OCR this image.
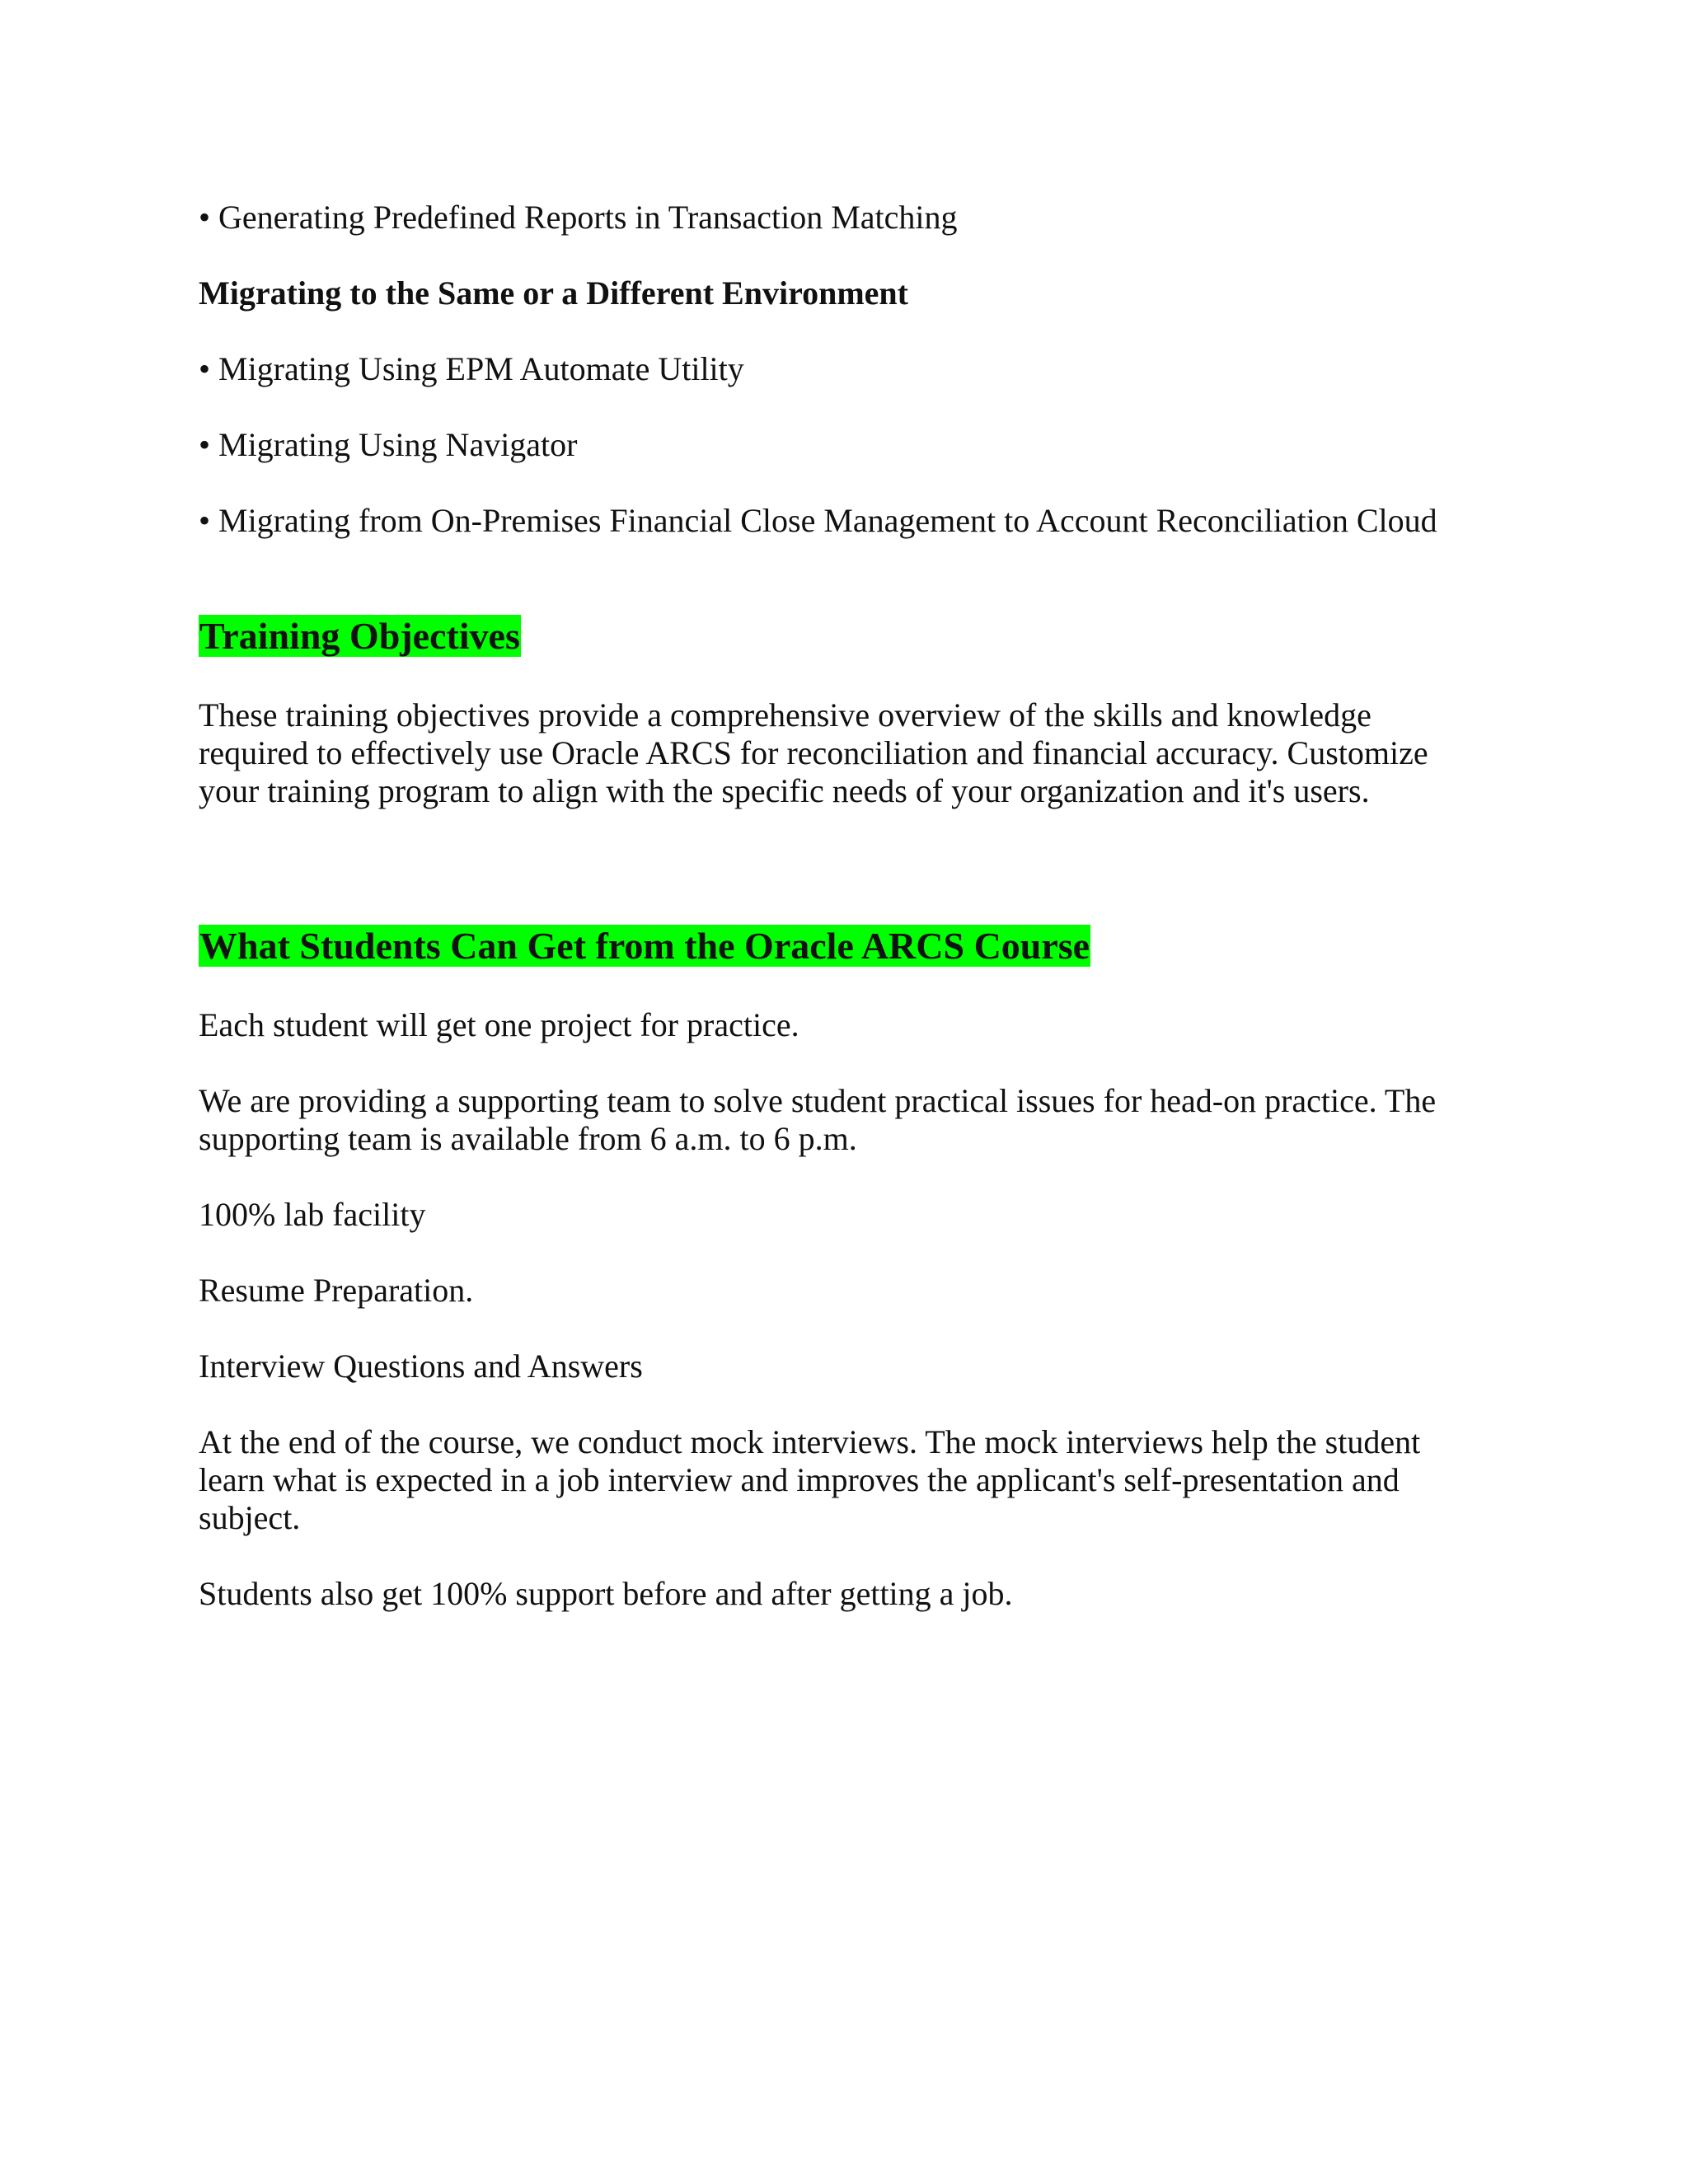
• Generating Predefined Reports in Transaction Matching

Migrating to the Same or a Different Environment

• Migrating Using EPM Automate Utility

• Migrating Using Navigator

• Migrating from On-Premises Financial Close Management to Account Reconciliation Cloud

Training Objectives

These training objectives provide a comprehensive overview of the skills and knowledge required to effectively use Oracle ARCS for reconciliation and financial accuracy. Customize your training program to align with the specific needs of your organization and it's users.

What Students Can Get from the Oracle ARCS Course

Each student will get one project for practice.

We are providing a supporting team to solve student practical issues for head-on practice. The supporting team is available from 6 a.m. to 6 p.m.

100% lab facility

Resume Preparation.

Interview Questions and Answers

At the end of the course, we conduct mock interviews. The mock interviews help the student learn what is expected in a job interview and improves the applicant's self-presentation and subject.

Students also get 100% support before and after getting a job.
